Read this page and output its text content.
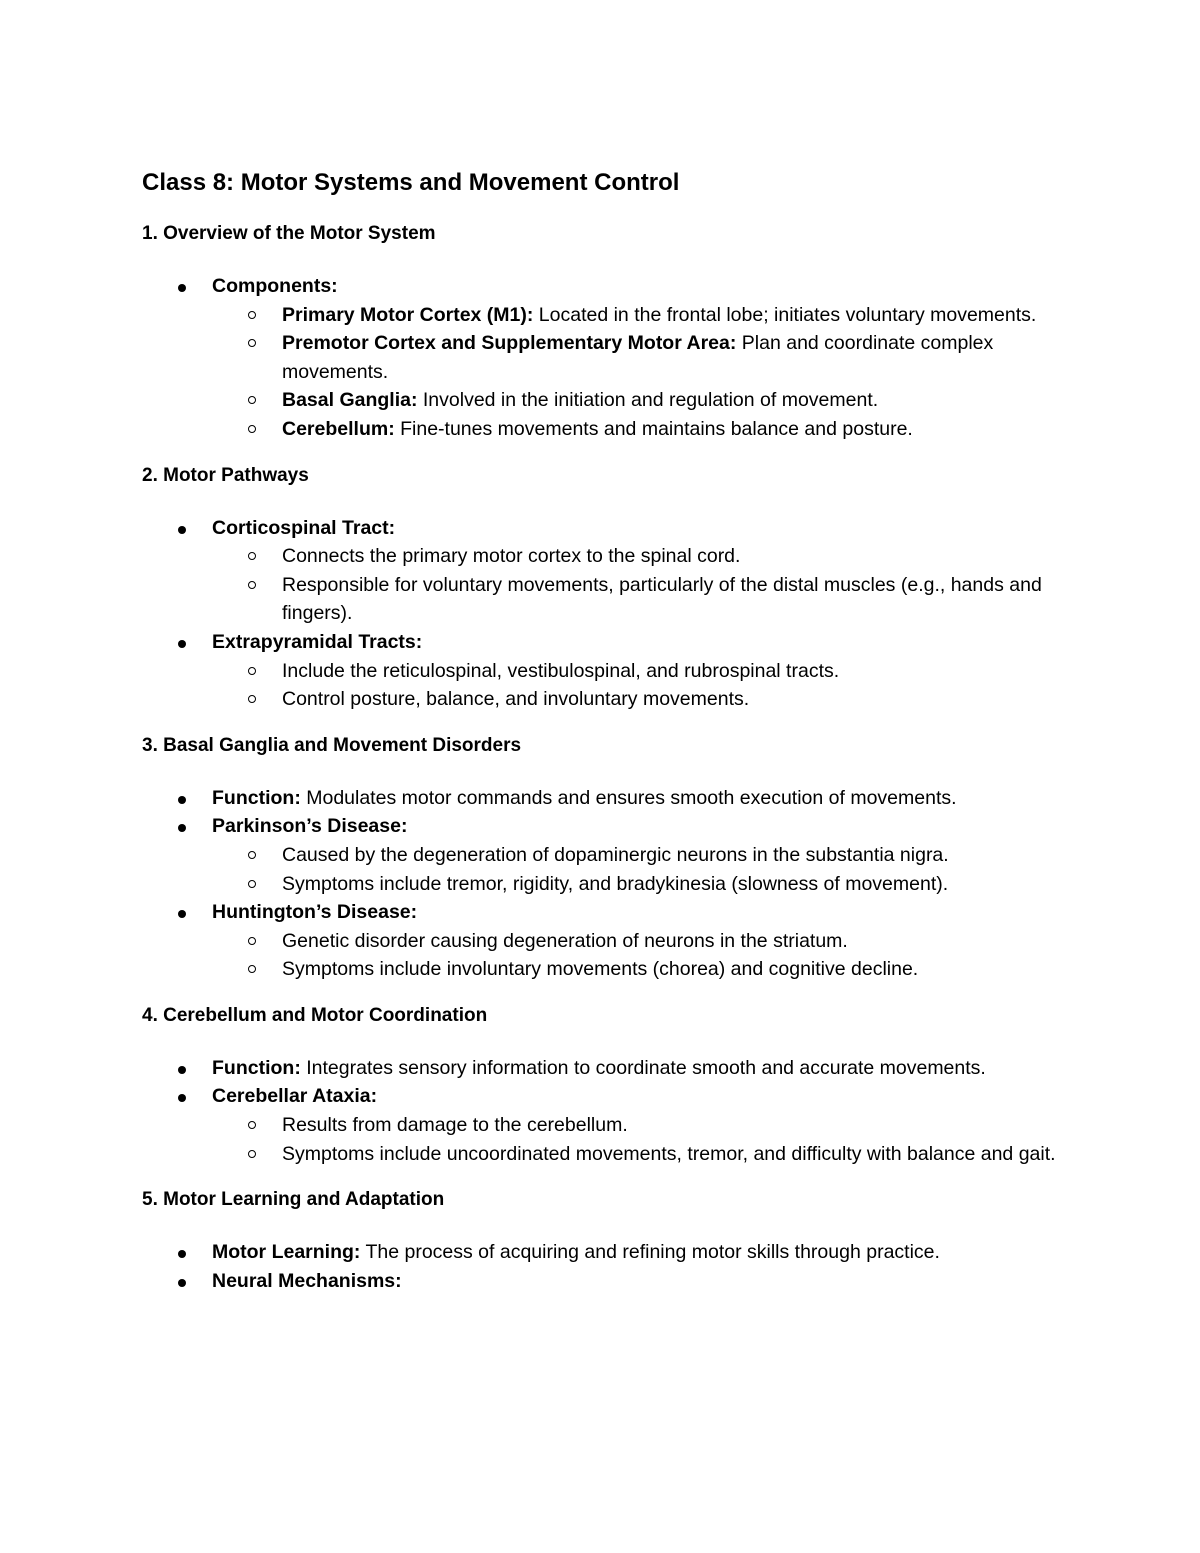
Class 8: Motor Systems and Movement Control
1. Overview of the Motor System
Components:
Primary Motor Cortex (M1): Located in the frontal lobe; initiates voluntary movements.
Premotor Cortex and Supplementary Motor Area: Plan and coordinate complex movements.
Basal Ganglia: Involved in the initiation and regulation of movement.
Cerebellum: Fine-tunes movements and maintains balance and posture.
2. Motor Pathways
Corticospinal Tract:
Connects the primary motor cortex to the spinal cord.
Responsible for voluntary movements, particularly of the distal muscles (e.g., hands and fingers).
Extrapyramidal Tracts:
Include the reticulospinal, vestibulospinal, and rubrospinal tracts.
Control posture, balance, and involuntary movements.
3. Basal Ganglia and Movement Disorders
Function: Modulates motor commands and ensures smooth execution of movements.
Parkinson’s Disease:
Caused by the degeneration of dopaminergic neurons in the substantia nigra.
Symptoms include tremor, rigidity, and bradykinesia (slowness of movement).
Huntington’s Disease:
Genetic disorder causing degeneration of neurons in the striatum.
Symptoms include involuntary movements (chorea) and cognitive decline.
4. Cerebellum and Motor Coordination
Function: Integrates sensory information to coordinate smooth and accurate movements.
Cerebellar Ataxia:
Results from damage to the cerebellum.
Symptoms include uncoordinated movements, tremor, and difficulty with balance and gait.
5. Motor Learning and Adaptation
Motor Learning: The process of acquiring and refining motor skills through practice.
Neural Mechanisms:
